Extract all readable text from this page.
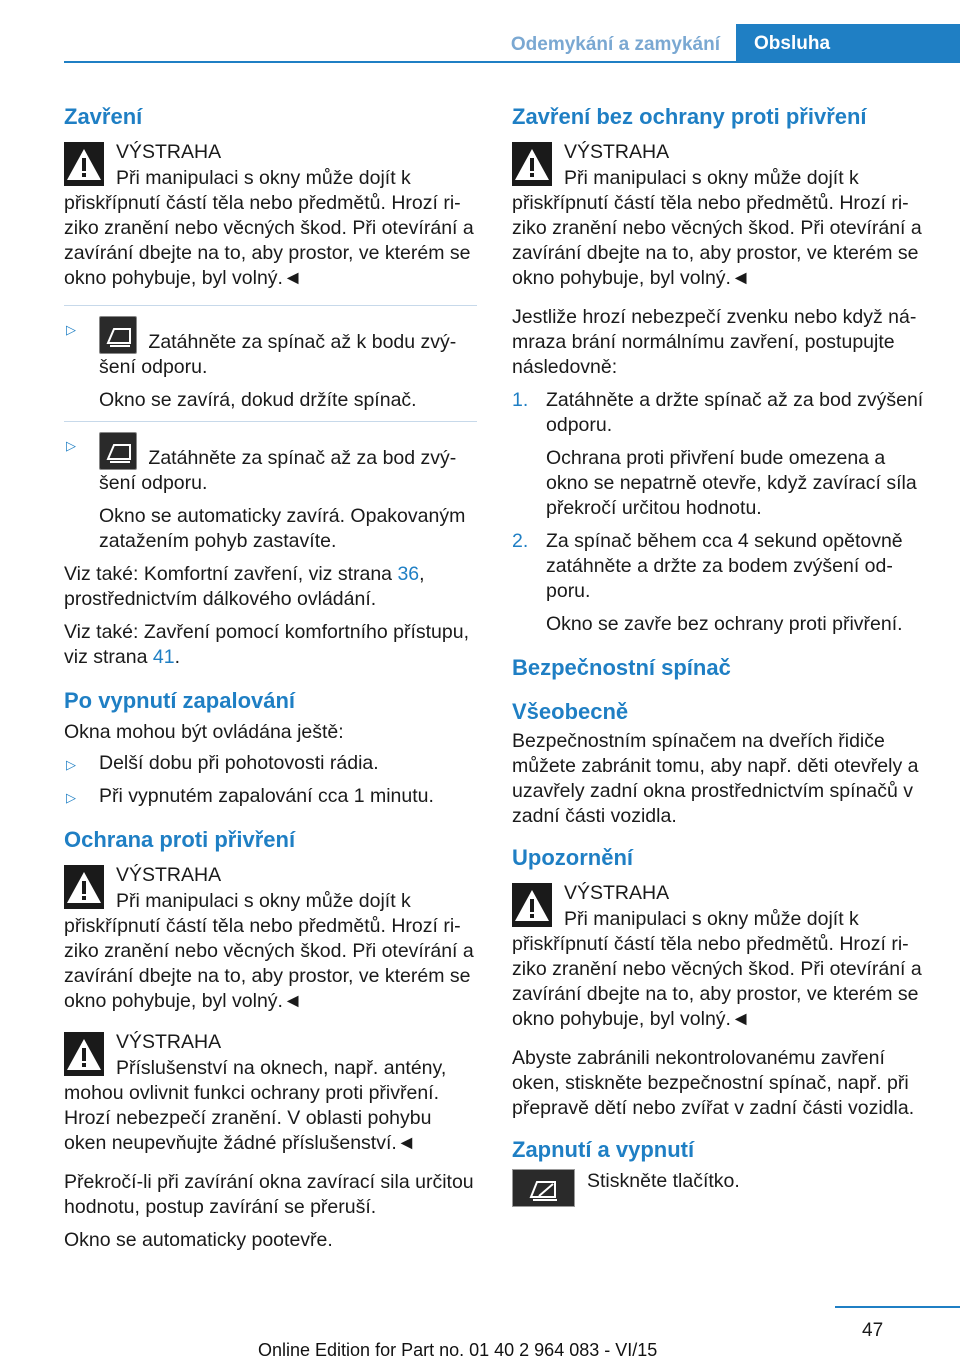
Odemykání a zamykání	Obsluha
Zavření
VÝSTRAHA
Při manipulaci s okny může dojít k přiskřípnutí částí těla nebo předmětů. Hrozí ri-ziko zranění nebo věcných škod. Při otevírání a zavírání dbejte na to, aby prostor, ve kterém se okno pohybuje, byl volný.◄
▷
Zatáhněte za spínač až k bodu zvý-šení odporu.

Okno se zavírá, dokud držíte spínač.

▷
Zatáhněte za spínač až za bod zvý-šení odporu.

Okno se automaticky zavírá. Opakovaným zatažením pohyb zastavíte.

Viz také: Komfortní zavření, viz strana 36, prostřednictvím dálkového ovládání.

Viz také: Zavření pomocí komfortního přístupu, viz strana 41.

Po vypnutí zapalování

Okna mohou být ovládána ještě:

▷ Delší dobu při pohotovosti rádia.
▷ Při vypnutém zapalování cca 1 minutu.
Ochrana proti přivření
VÝSTRAHA
Při manipulaci s okny může dojít k přiskřípnutí částí těla nebo předmětů. Hrozí ri-ziko zranění nebo věcných škod. Při otevírání a zavírání dbejte na to, aby prostor, ve kterém se okno pohybuje, byl volný.◄
VÝSTRAHA
Příslušenství na oknech, např. antény, mohou ovlivnit funkci ochrany proti přivření. Hrozí nebezpečí zranění. V oblasti pohybu oken neupevňujte žádné příslušenství.◄

Překročí-li při zavírání okna zavírací sila určitou hodnotu, postup zavírání se přeruší.

Okno se automaticky pootevře.

Zavření bez ochrany proti přivření
VÝSTRAHA
Při manipulaci s okny může dojít k přiskřípnutí částí těla nebo předmětů. Hrozí ri-ziko zranění nebo věcných škod. Při otevírání a zavírání dbejte na to, aby prostor, ve kterém se okno pohybuje, byl volný.◄

Jestliže hrozí nebezpečí zvenku nebo když ná-mraza brání normálnímu zavření, postupujte následovně:

1. Zatáhněte a držte spínač až za bod zvýšení odporu.

Ochrana proti přivření bude omezena a okno se nepatrně otevře, když zavírací síla překročí určitou hodnotu.

2. Za spínač během cca 4 sekund opětovně zatáhněte a držte za bodem zvýšení od-poru.

Okno se zavře bez ochrany proti přivření.

Bezpečnostní spínač
Všeobecně

Bezpečnostním spínačem na dveřích řidiče můžete zabránit tomu, aby např. děti otevřely a uzavřely zadní okna prostřednictvím spínačů v zadní části vozidla.

Upozornění
VÝSTRAHA
Při manipulaci s okny může dojít k přiskřípnutí částí těla nebo předmětů. Hrozí ri-ziko zranění nebo věcných škod. Při otevírání a zavírání dbejte na to, aby prostor, ve kterém se okno pohybuje, byl volný.◄

Abyste zabránili nekontrolovanému zavření oken, stiskněte bezpečnostní spínač, např. při přepravě dětí nebo zvířat v zadní části vozidla.

Zapnutí a vypnutí
Stiskněte tlačítko.
47
Online Edition for Part no. 01 40 2 964 083 - VI/15
